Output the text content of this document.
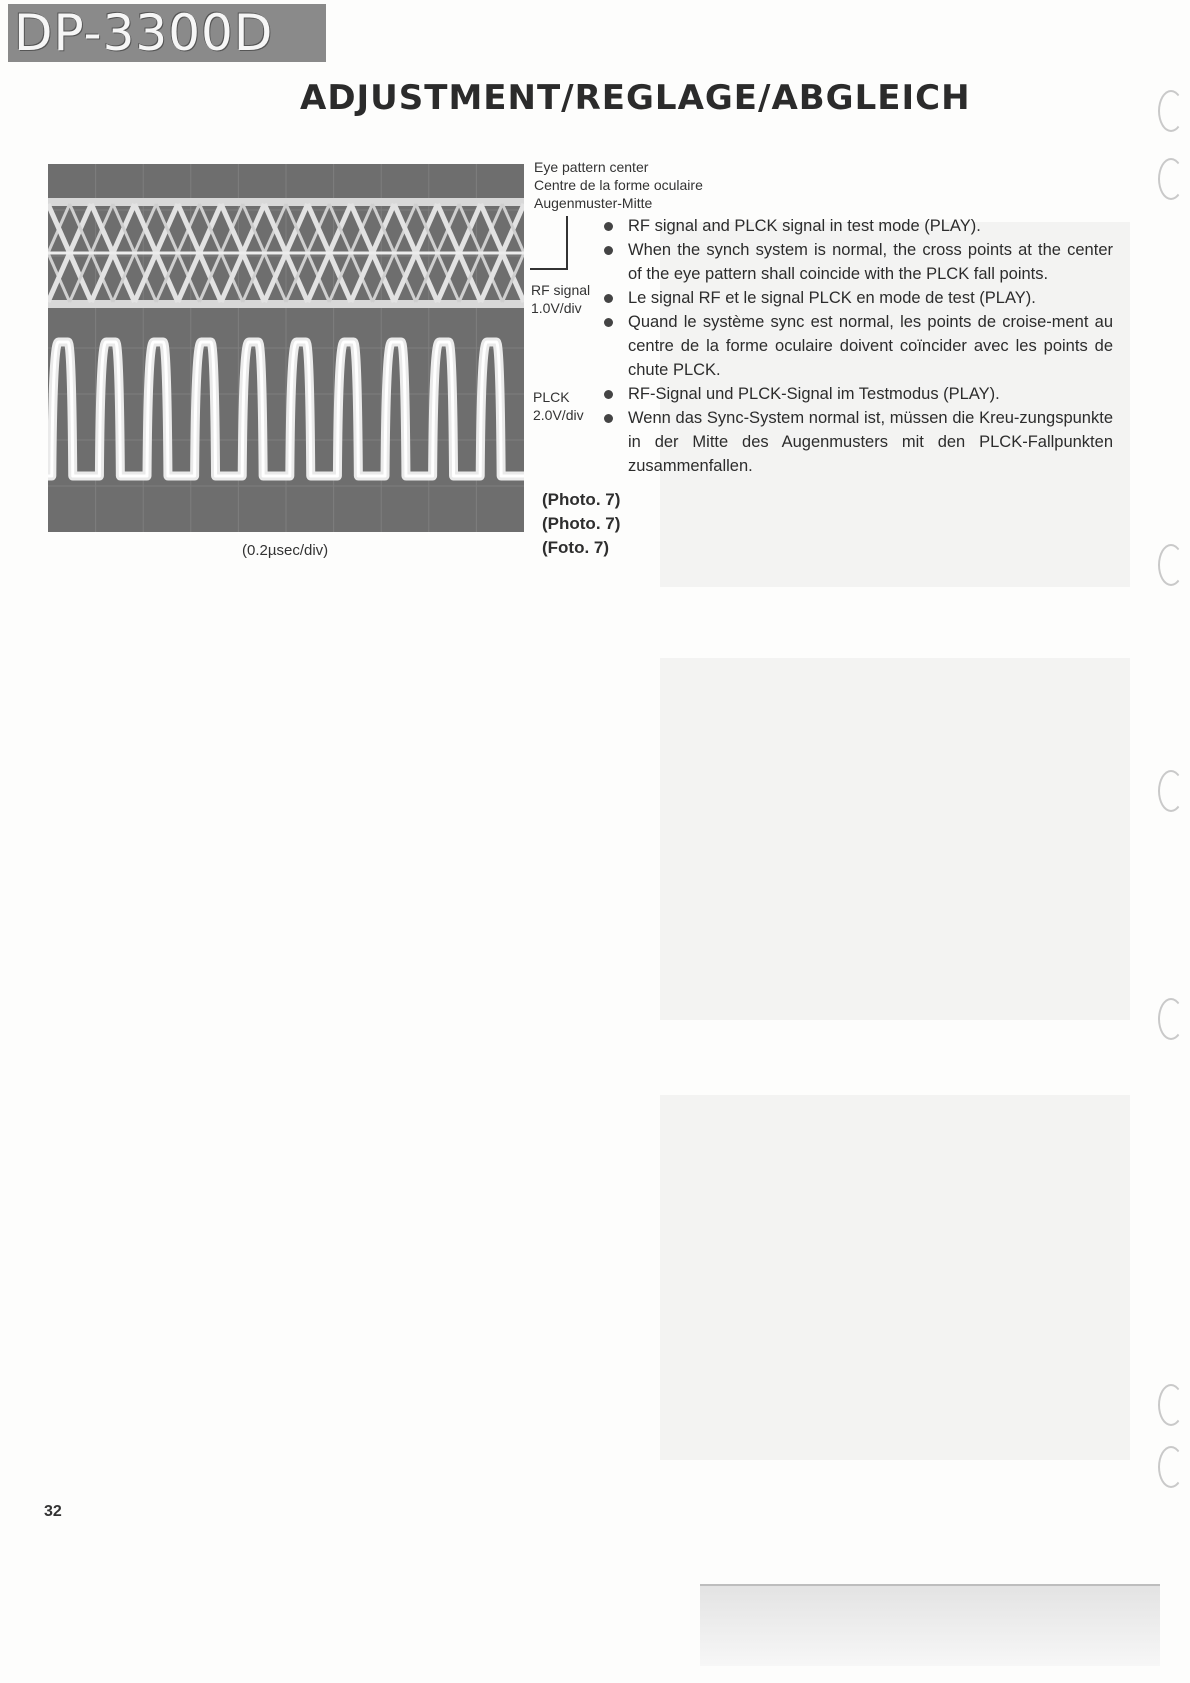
DP-3300D
ADJUSTMENT/REGLAGE/ABGLEICH
(0.2µsec/div)
Eye pattern center
Centre de la forme oculaire
Augenmuster-Mitte
RF signal
1.0V/div
PLCK
2.0V/div
(Photo. 7)
(Photo. 7)
(Foto. 7)
RF signal and PLCK signal in test mode (PLAY).
When the synch system is normal, the cross points at the center of the eye pattern shall coincide with the PLCK fall points.
Le signal RF et le signal PLCK en mode de test (PLAY).
Quand le système sync est normal, les points de croise-ment au centre de la forme oculaire doivent coïncider avec les points de chute PLCK.
RF-Signal und PLCK-Signal im Testmodus (PLAY).
Wenn das Sync-System normal ist, müssen die Kreu-zungspunkte in der Mitte des Augenmusters mit den PLCK-Fallpunkten zusammenfallen.
32
